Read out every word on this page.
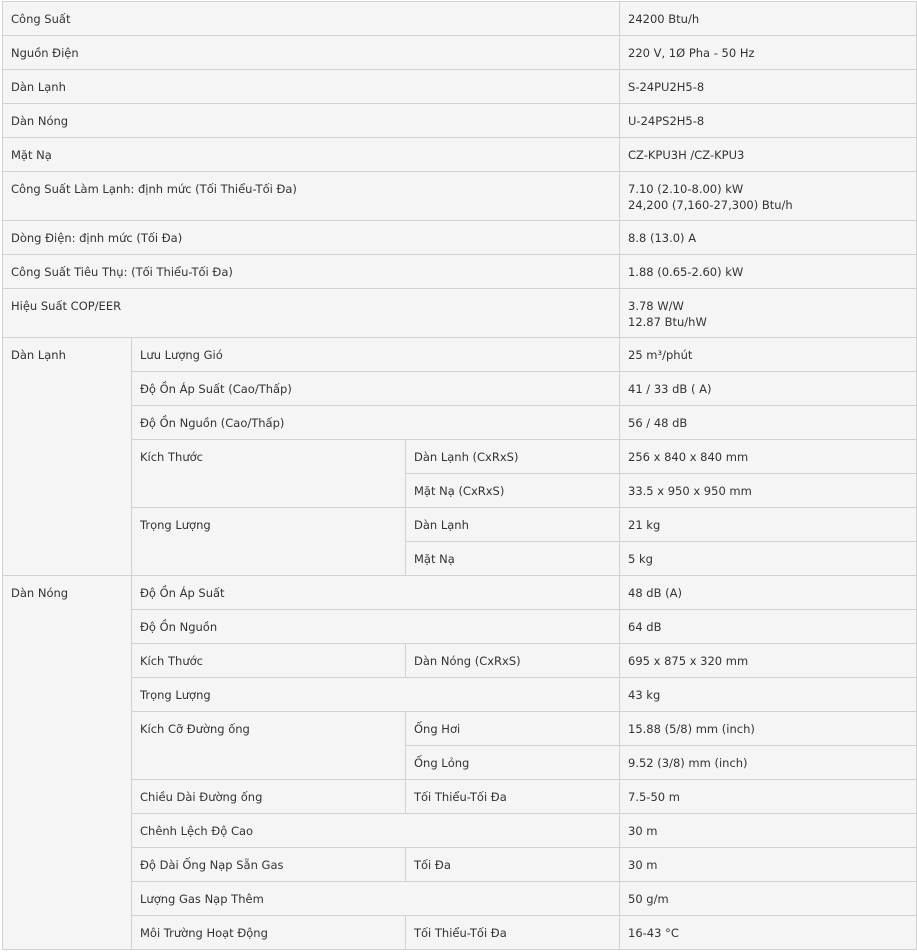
Công Suất			24200 Btu/h

Nguồn Điện			220 V, 1Ø Pha - 50 Hz

Dàn Lạnh			S-24PU2H5-8

Dàn Nóng			U-24PS2H5-8

Mặt Nạ			CZ-KPU3H /CZ-KPU3

Công Suất Làm Lạnh: định mức (Tối Thiểu-Tối Đa)			7.10 (2.10-8.00) kW
24,200 (7,160-27,300) Btu/h

Dòng Điện: định mức (Tối Đa)			8.8 (13.0) A

Công Suất Tiêu Thụ: (Tối Thiểu-Tối Đa)			1.88 (0.65-2.60) kW

Hiệu Suất COP/EER			3.78 W/W
12.87 Btu/hW

Dàn Lạnh	Lưu Lượng Gió		25 m³/phút
	Độ Ồn Áp Suất (Cao/Thấp)		41 / 33 dB ( A)
	Độ Ồn Nguồn (Cao/Thấp)		56 / 48 dB
	Kích Thước	Dàn Lạnh (CxRxS)	256 x 840 x 840 mm
		Mặt Nạ (CxRxS)	33.5 x 950 x 950 mm
	Trọng Lượng	Dàn Lạnh	21 kg
		Mặt Nạ	5 kg
Dàn Nóng	Độ Ồn Áp Suất		48 dB (A)
	Độ Ồn Nguồn		64 dB
	Kích Thước	Dàn Nóng (CxRxS)	695 x 875 x 320 mm
	Trọng Lượng		43 kg
	Kích Cỡ Đường ống	Ống Hơi	15.88 (5/8) mm (inch)
		Ống Lỏng	9.52 (3/8) mm (inch)
	Chiều Dài Đường ống	Tối Thiểu-Tối Đa	7.5-50 m
	Chênh Lệch Độ Cao		30 m
	Độ Dài Ống Nạp Sẵn Gas	Tối Đa	30 m
	Lượng Gas Nạp Thêm		50 g/m
	Môi Trường Hoạt Động	Tối Thiểu-Tối Đa	16-43 °C
